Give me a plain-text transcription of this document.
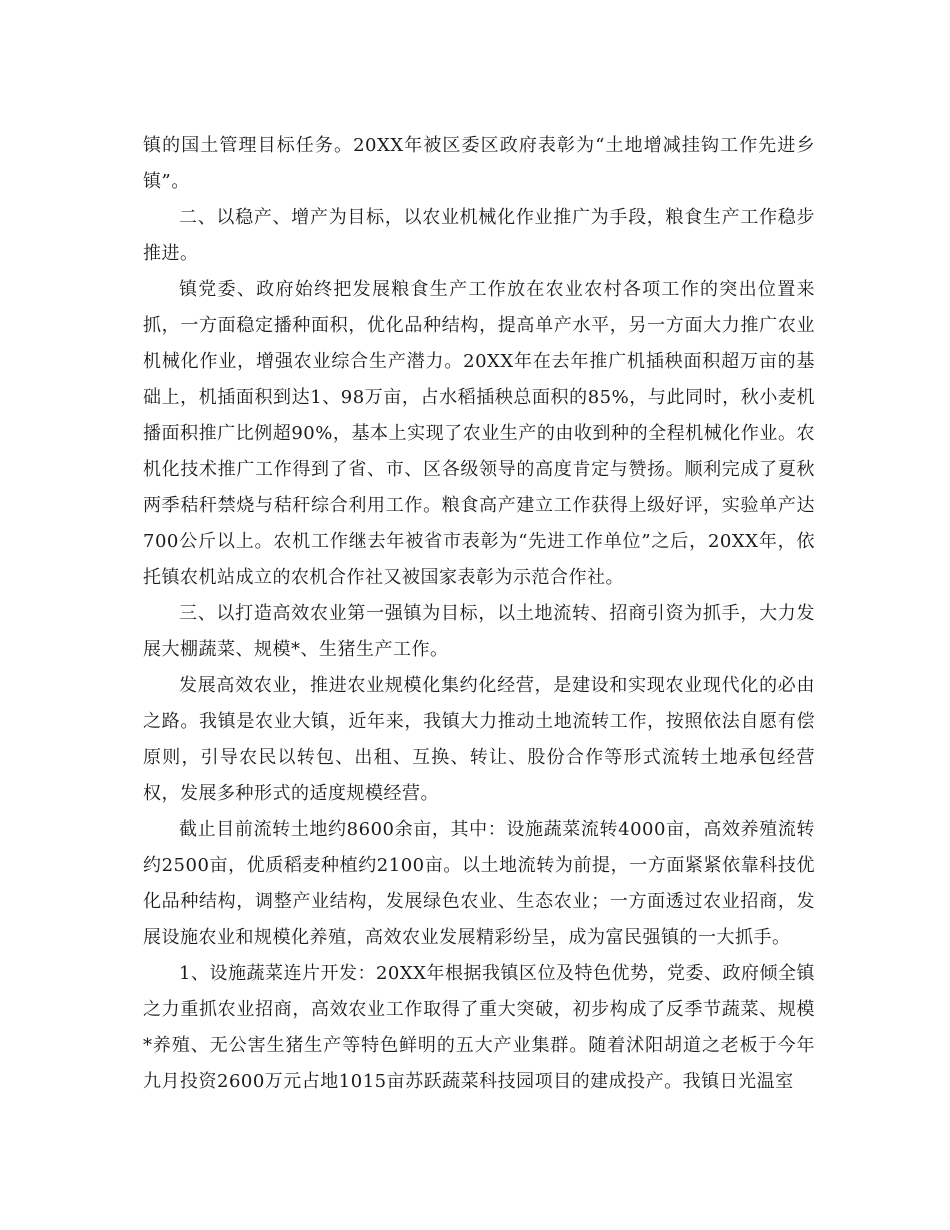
镇的国土管理目标任务。20XX年被区委区政府表彰为“土地增减挂钩工作先进乡镇”。

二、以稳产、增产为目标，以农业机械化作业推广为手段，粮食生产工作稳步推进。

镇党委、政府始终把发展粮食生产工作放在农业农村各项工作的突出位置来抓，一方面稳定播种面积，优化品种结构，提高单产水平，另一方面大力推广农业机械化作业，增强农业综合生产潜力。20XX年在去年推广机插秧面积超万亩的基础上，机插面积到达1、98万亩，占水稻插秧总面积的85%，与此同时，秋小麦机播面积推广比例超90%，基本上实现了农业生产的由收到种的全程机械化作业。农机化技术推广工作得到了省、市、区各级领导的高度肯定与赞扬。顺利完成了夏秋两季秸秆禁烧与秸秆综合利用工作。粮食高产建立工作获得上级好评，实验单产达700公斤以上。农机工作继去年被省市表彰为“先进工作单位”之后，20XX年，依托镇农机站成立的农机合作社又被国家表彰为示范合作社。

三、以打造高效农业第一强镇为目标，以土地流转、招商引资为抓手，大力发展大棚蔬菜、规模*、生猪生产工作。

发展高效农业，推进农业规模化集约化经营，是建设和实现农业现代化的必由之路。我镇是农业大镇，近年来，我镇大力推动土地流转工作，按照依法自愿有偿原则，引导农民以转包、出租、互换、转让、股份合作等形式流转土地承包经营权，发展多种形式的适度规模经营。

截止目前流转土地约8600余亩，其中：设施蔬菜流转4000亩，高效养殖流转约2500亩，优质稻麦种植约2100亩。以土地流转为前提，一方面紧紧依靠科技优化品种结构，调整产业结构，发展绿色农业、生态农业；一方面透过农业招商，发展设施农业和规模化养殖，高效农业发展精彩纷呈，成为富民强镇的一大抓手。

1、设施蔬菜连片开发：20XX年根据我镇区位及特色优势，党委、政府倾全镇之力重抓农业招商，高效农业工作取得了重大突破，初步构成了反季节蔬菜、规模*养殖、无公害生猪生产等特色鲜明的五大产业集群。随着沭阳胡道之老板于今年九月投资2600万元占地1015亩苏跃蔬菜科技园项目的建成投产。我镇日光温室
